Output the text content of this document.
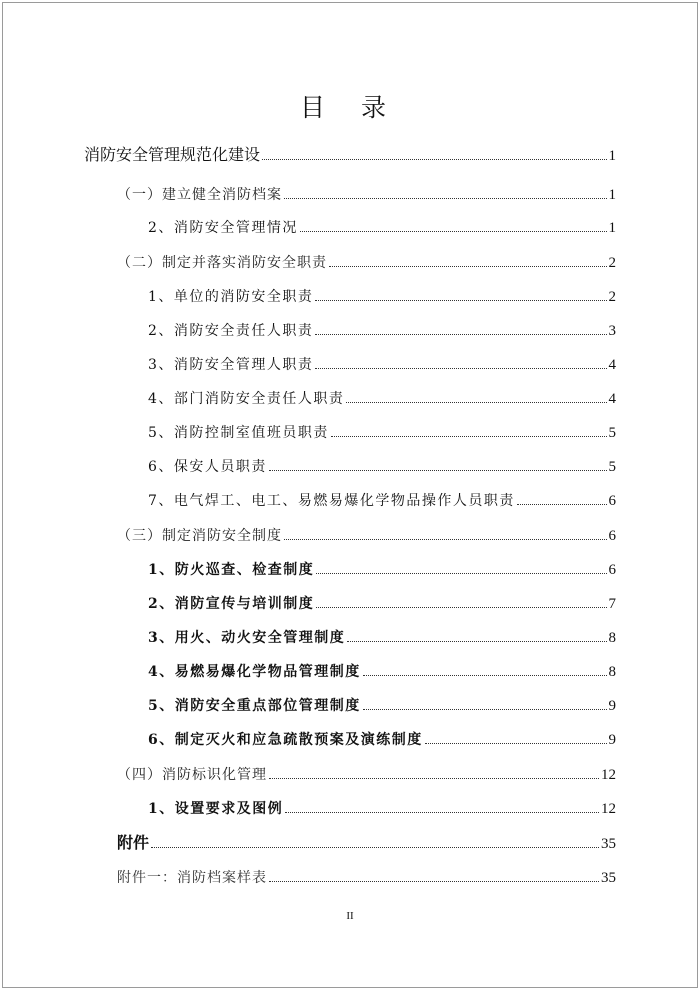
目 录
消防安全管理规范化建设	1
（一）建立健全消防档案	1
2、消防安全管理情况	1
（二）制定并落实消防安全职责	2
1、单位的消防安全职责	2
2、消防安全责任人职责	3
3、消防安全管理人职责	4
4、部门消防安全责任人职责	4
5、消防控制室值班员职责	5
6、保安人员职责	5
7、电气焊工、电工、易燃易爆化学物品操作人员职责	6
（三）制定消防安全制度	6
1、防火巡查、检查制度	6
2、消防宣传与培训制度	7
3、用火、动火安全管理制度	8
4、易燃易爆化学物品管理制度	8
5、消防安全重点部位管理制度	9
6、制定灭火和应急疏散预案及演练制度	9
（四）消防标识化管理	12
1、设置要求及图例	12
附件	35
附件一：消防档案样表	35
II
